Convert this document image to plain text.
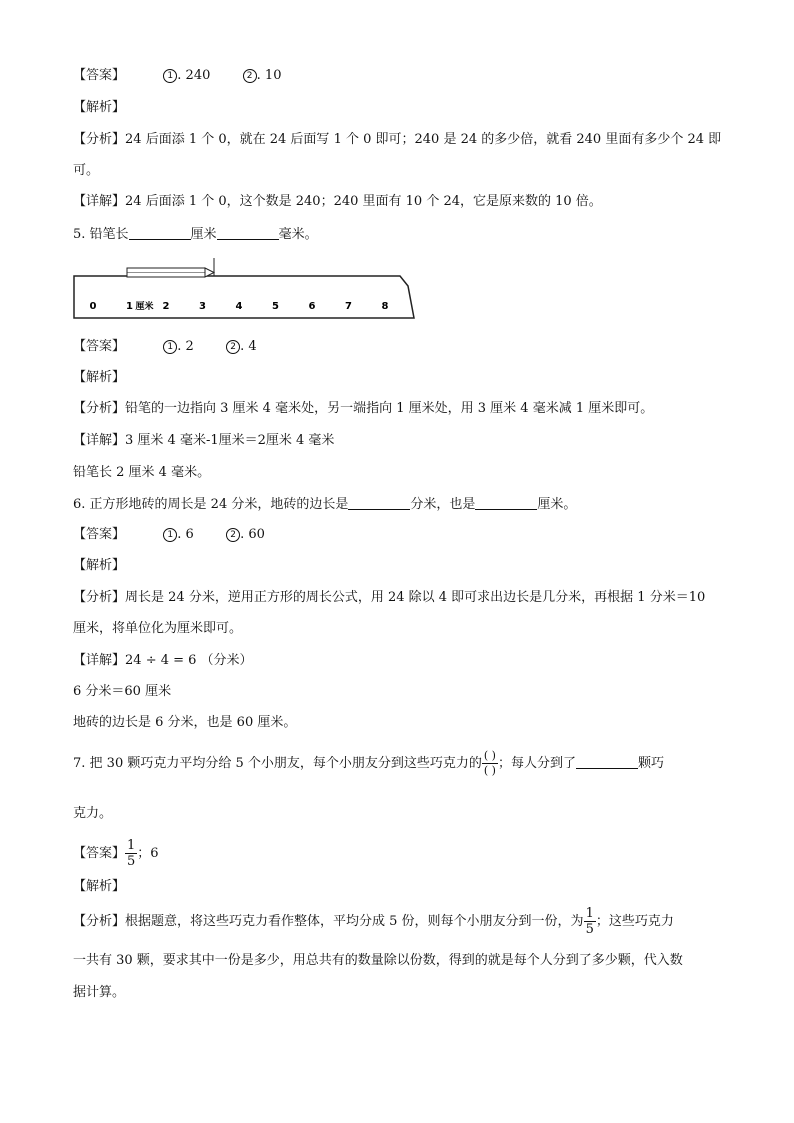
【答案】	1 . 240	2 . 10
【解析】
【分析】24 后面添 1 个 0，就在 24 后面写 1 个 0 即可；240 是 24 的多少倍，就看 240 里面有多少个 24 即
可。
【详解】24 后面添 1 个 0，这个数是 240；240 里面有 10 个 24，它是原来数的 10 倍。
5. 铅笔长	厘米	毫米。
0	1	2	3	4	5	6	7	8
厘米
【答案】	1 . 2	2 . 4
【解析】
【分析】铅笔的一边指向 3 厘米 4 毫米处，另一端指向 1 厘米处，用 3 厘米 4 毫米减 1 厘米即可。
【详解】3 厘米 4 毫米-1厘米＝2厘米 4 毫米
铅笔长 2 厘米 4 毫米。
6. 正方形地砖的周长是 24 分米，地砖的边长是	分米，也是	厘米。
【答案】	1 . 6	2 . 60
【解析】
【分析】周长是 24 分米，逆用正方形的周长公式，用 24 除以 4 即可求出边长是几分米，再根据 1 分米＝10
厘米，将单位化为厘米即可。
【详解】24 ÷ 4 = 6 （分米）
6 分米＝60 厘米
地砖的边长是 6 分米，也是 60 厘米。
7. 把 30 颗巧克力平均分给 5 个小朋友，每个小朋友分到这些巧克力的 $\frac{( )}{( )}$ ；每人分到了	颗巧
克力。
【答案】 $\frac{1}{5}$ ；6
【解析】
【分析】根据题意，将这些巧克力看作整体，平均分成 5 份，则每个小朋友分到一份，为 $\frac{1}{5}$ ；这些巧克力
一共有 30 颗，要求其中一份是多少，用总共有的数量除以份数，得到的就是每个人分到了多少颗，代入数
据计算。
